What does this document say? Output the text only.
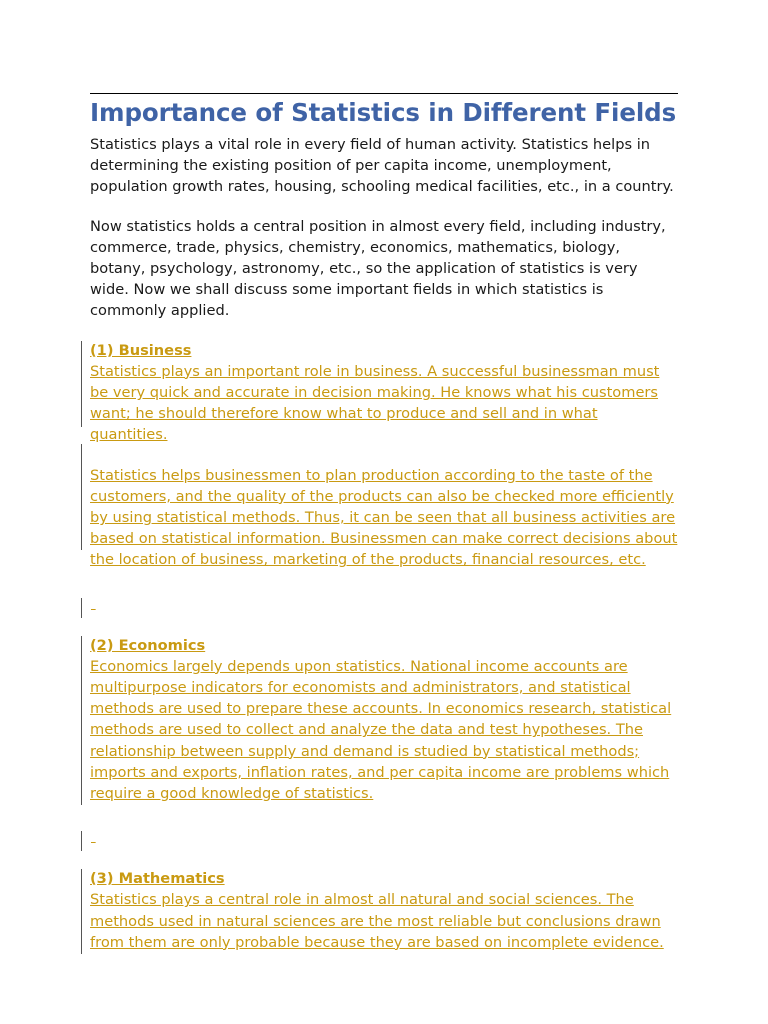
Importance of Statistics in Different Fields

Statistics plays a vital role in every field of human activity. Statistics helps in determining the existing position of per capita income, unemployment, population growth rates, housing, schooling medical facilities, etc., in a country.

Now statistics holds a central position in almost every field, including industry, commerce, trade, physics, chemistry, economics, mathematics, biology, botany, psychology, astronomy, etc., so the application of statistics is very wide. Now we shall discuss some important fields in which statistics is commonly applied.

(1) Business

Statistics plays an important role in business. A successful businessman must be very quick and accurate in decision making. He knows what his customers want; he should therefore know what to produce and sell and in what quantities.

Statistics helps businessmen to plan production according to the taste of the customers, and the quality of the products can also be checked more efficiently by using statistical methods. Thus, it can be seen that all business activities are based on statistical information. Businessmen can make correct decisions about the location of business, marketing of the products, financial resources, etc.

(2) Economics

Economics largely depends upon statistics. National income accounts are multipurpose indicators for economists and administrators, and statistical methods are used to prepare these accounts. In economics research, statistical methods are used to collect and analyze the data and test hypotheses. The relationship between supply and demand is studied by statistical methods; imports and exports, inflation rates, and per capita income are problems which require a good knowledge of statistics.

(3) Mathematics

Statistics plays a central role in almost all natural and social sciences. The methods used in natural sciences are the most reliable but conclusions drawn from them are only probable because they are based on incomplete evidence.
